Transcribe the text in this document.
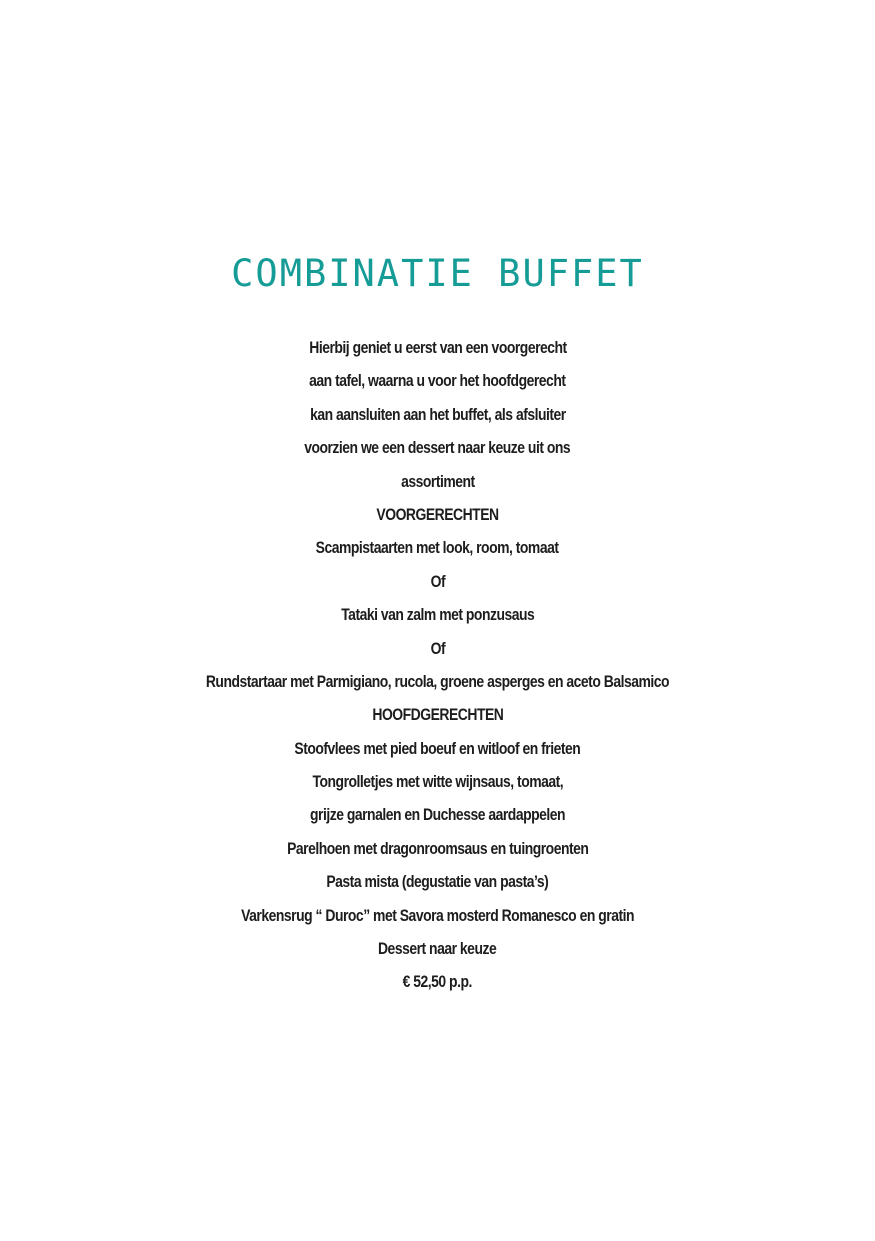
COMBINATIE BUFFET
Hierbij geniet u eerst van een voorgerecht
aan tafel, waarna u voor het hoofdgerecht
kan aansluiten aan het buffet, als afsluiter
voorzien we een dessert naar keuze uit ons
assortiment
VOORGERECHTEN
Scampistaarten met look, room, tomaat
Of
Tataki van zalm met ponzusaus
Of
Rundstartaar met Parmigiano, rucola, groene asperges en aceto Balsamico
HOOFDGERECHTEN
Stoofvlees met pied boeuf en witloof en frieten
Tongrolletjes met witte wijnsaus, tomaat,
grijze garnalen en Duchesse aardappelen
Parelhoen met dragonroomsaus en tuingroenten
Pasta mista (degustatie van pasta’s)
Varkensrug “ Duroc” met Savora mosterd Romanesco en gratin
Dessert naar keuze
€ 52,50 p.p.
